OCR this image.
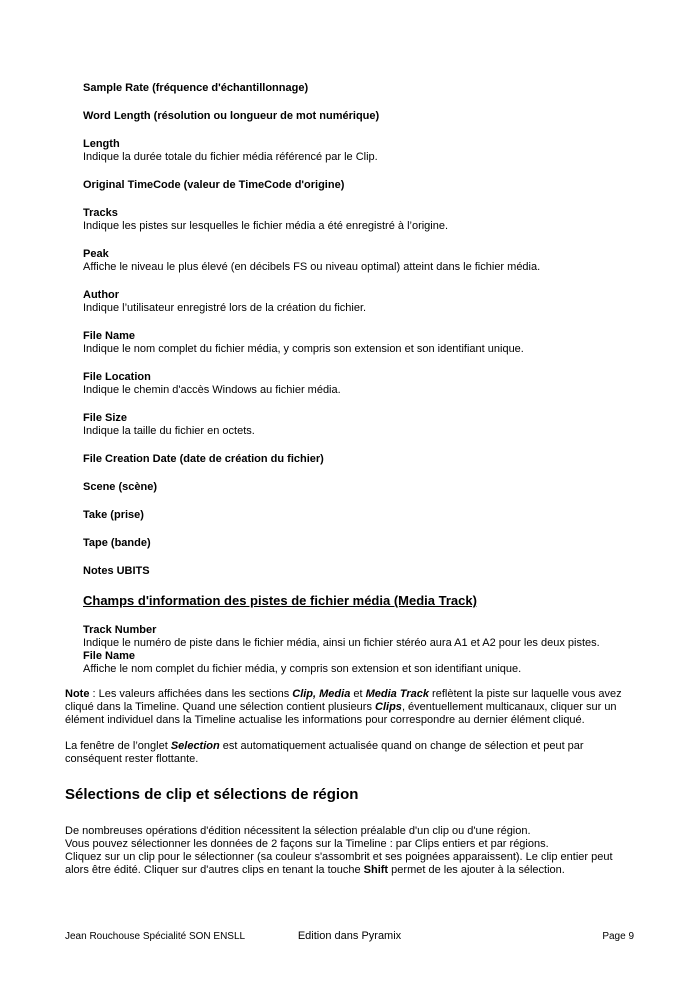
Sample Rate (fréquence d'échantillonnage)
Word Length (résolution ou longueur de mot numérique)
Length
Indique la durée totale du fichier média référencé par le Clip.
Original TimeCode (valeur de TimeCode d'origine)
Tracks
Indique les pistes sur lesquelles le fichier média a été enregistré à l’origine.
Peak
Affiche le niveau le plus élevé (en décibels FS ou niveau optimal) atteint dans le fichier média.
Author
Indique l’utilisateur enregistré lors de la création du fichier.
File Name
Indique le nom complet du fichier média, y compris son extension et son identifiant unique.
File Location
Indique le chemin d'accès Windows au fichier média.
File Size
Indique la taille du fichier en octets.
File Creation Date (date de création du fichier)
Scene (scène)
Take (prise)
Tape (bande)
Notes UBITS
Champs d'information des pistes de fichier média (Media Track)
Track Number
Indique le numéro de piste dans le fichier média, ainsi un fichier stéréo aura A1 et A2 pour les deux pistes.
File Name
Affiche le nom complet du fichier média, y compris son extension et son identifiant unique.

Note : Les valeurs affichées dans les sections Clip, Media et Media Track reflètent la piste sur laquelle vous avez cliqué dans la Timeline. Quand une sélection contient plusieurs Clips, éventuellement multicanaux, cliquer sur un élément individuel dans la Timeline actualise les informations pour correspondre au dernier élément cliqué.

La fenêtre de l’onglet Selection est automatiquement actualisée quand on change de sélection et peut par conséquent rester flottante.

Sélections de clip et sélections de région

De nombreuses opérations d'édition nécessitent la sélection préalable d'un clip ou d'une région.

Vous pouvez sélectionner les données de 2 façons sur la Timeline : par Clips entiers et par régions.

Cliquez sur un clip pour le sélectionner (sa couleur s'assombrit et ses poignées apparaissent). Le clip entier peut alors être édité. Cliquer sur d'autres clips en tenant la touche Shift permet de les ajouter à la sélection.

Jean Rouchouse Spécialité SON ENSLL	Edition dans Pyramix	Page 9
